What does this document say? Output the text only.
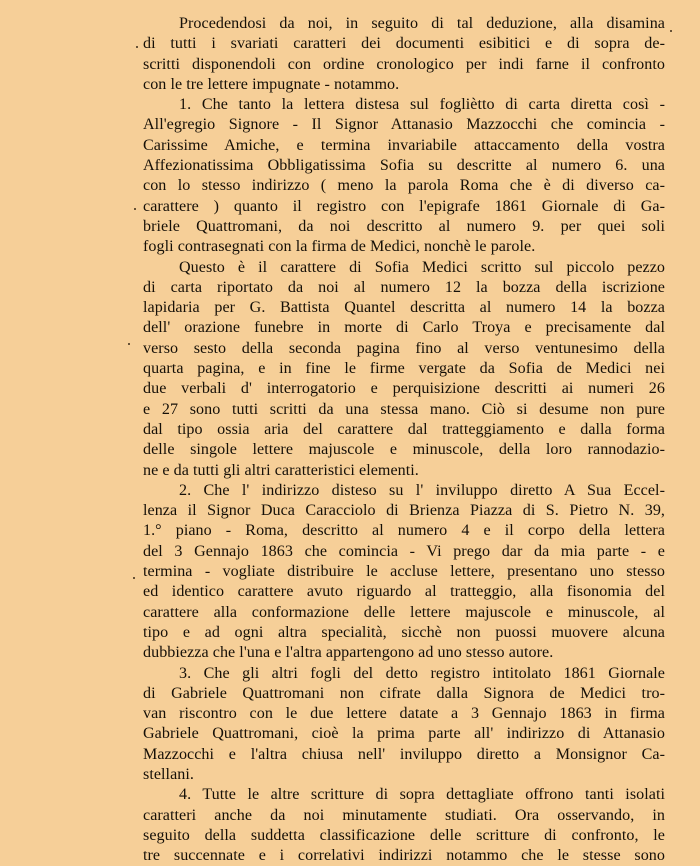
Procedendosi da noi, in seguito di tal deduzione, alla disamina
di tutti i svariati caratteri dei documenti esibitici e di sopra de-
scritti disponendoli con ordine cronologico per indi farne il confronto
con le tre lettere impugnate - notammo.
1. Che tanto la lettera distesa sul fogliètto di carta diretta così -
All'egregio Signore - Il Signor Attanasio Mazzocchi che comincia -
Carissime Amiche, e termina invariabile attaccamento della vostra
Affezionatissima Obbligatissima Sofia su descritte al numero 6. una
con lo stesso indirizzo ( meno la parola Roma che è di diverso ca-
carattere ) quanto il registro con l'epigrafe 1861 Giornale di Ga-
briele Quattromani, da noi descritto al numero 9. per quei soli
fogli contrasegnati con la firma de Medici, nonchè le parole.
Questo è il carattere di Sofia Medici scritto sul piccolo pezzo
di carta riportato da noi al numero 12 la bozza della iscrizione
lapidaria per G. Battista Quantel descritta al numero 14 la bozza
dell' orazione funebre in morte di Carlo Troya e precisamente dal
verso sesto della seconda pagina fino al verso ventunesimo della
quarta pagina, e in fine le firme vergate da Sofia de Medici nei
due verbali d' interrogatorio e perquisizione descritti ai numeri 26
e 27 sono tutti scritti da una stessa mano. Ciò si desume non pure
dal tipo ossia aria del carattere dal tratteggiamento e dalla forma
delle singole lettere majuscole e minuscole, della loro rannodazio-
ne e da tutti gli altri caratteristici elementi.
2. Che l' indirizzo disteso su l' inviluppo diretto A Sua Eccel-
lenza il Signor Duca Caracciolo di Brienza Piazza di S. Pietro N. 39,
1.° piano - Roma, descritto al numero 4 e il corpo della lettera
del 3 Gennajo 1863 che comincia - Vi prego dar da mia parte - e
termina - vogliate distribuire le accluse lettere, presentano uno stesso
ed identico carattere avuto riguardo al tratteggio, alla fisonomia del
carattere alla conformazione delle lettere majuscole e minuscole, al
tipo e ad ogni altra specialità, sicchè non puossi muovere alcuna
dubbiezza che l'una e l'altra appartengono ad uno stesso autore.
3. Che gli altri fogli del detto registro intitolato 1861 Giornale
di Gabriele Quattromani non cifrate dalla Signora de Medici tro-
van riscontro con le due lettere datate a 3 Gennajo 1863 in firma
Gabriele Quattromani, cioè la prima parte all' indirizzo di Attanasio
Mazzocchi e l'altra chiusa nell' inviluppo diretto a Monsignor Ca-
stellani.
4. Tutte le altre scritture di sopra dettagliate offrono tanti isolati
caratteri anche da noi minutamente studiati. Ora osservando, in
seguito della suddetta classificazione delle scritture di confronto, le
tre succennate e i correlativi indirizzi notammo che le stesse sono
